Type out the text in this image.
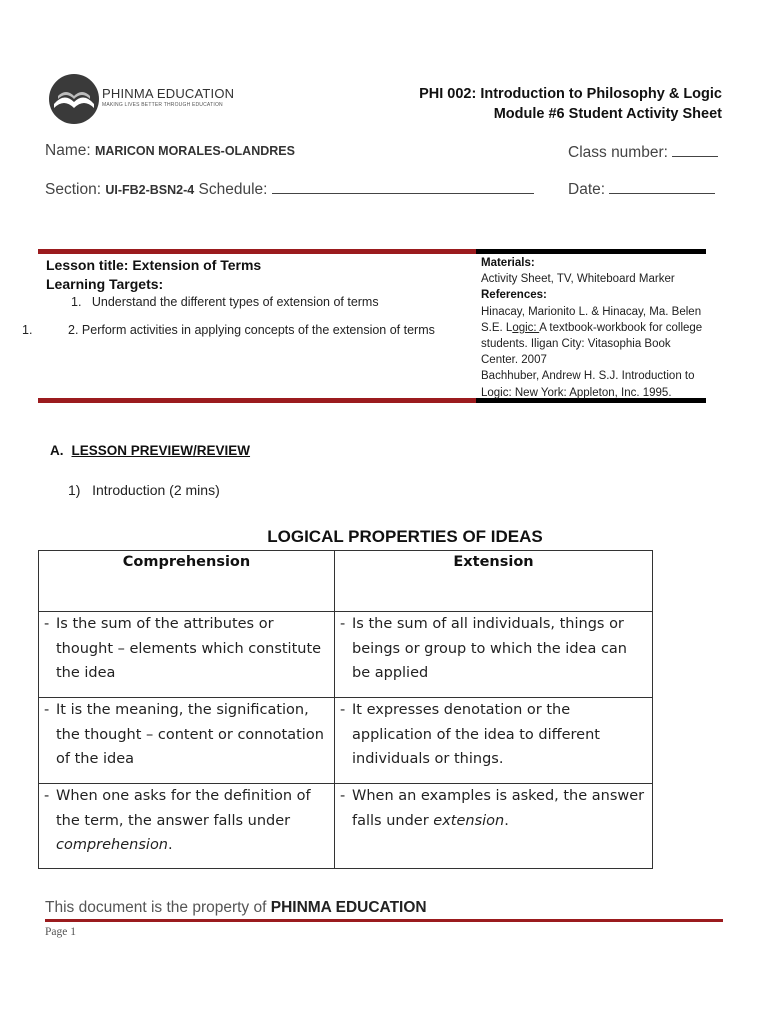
PHINMA EDUCATION
MAKING LIVES BETTER THROUGH EDUCATION
PHI 002: Introduction to Philosophy & Logic
Module #6 Student Activity Sheet
Name: MARICON MORALES-OLANDRES	Class number:
Section: UI-FB2-BSN2-4 Schedule:	Date:
Lesson title: Extension of Terms
Learning Targets:
1. Understand the different types of extension of terms
1.	2. Perform activities in applying concepts of the extension of terms
Materials:
Activity Sheet, TV, Whiteboard Marker
References:
Hinacay, Marionito L. & Hinacay, Ma. Belen S.E. Logic: A textbook-workbook for college students. Iligan City: Vitasophia Book Center. 2007
Bachhuber, Andrew H. S.J. Introduction to Logic: New York: Appleton, Inc. 1995.
A. LESSON PREVIEW/REVIEW
1) Introduction (2 mins)
LOGICAL PROPERTIES OF IDEAS
Comprehension	Extension

- Is the sum of the attributes or thought – elements which constitute the idea	- Is the sum of all individuals, things or beings or group to which the idea can be applied

- It is the meaning, the signification, the thought – content or connotation of the idea	- It expresses denotation or the application of the idea to different individuals or things.

- When one asks for the definition of the term, the answer falls under comprehension.	- When an examples is asked, the answer falls under extension.
This document is the property of PHINMA EDUCATION
Page 1
